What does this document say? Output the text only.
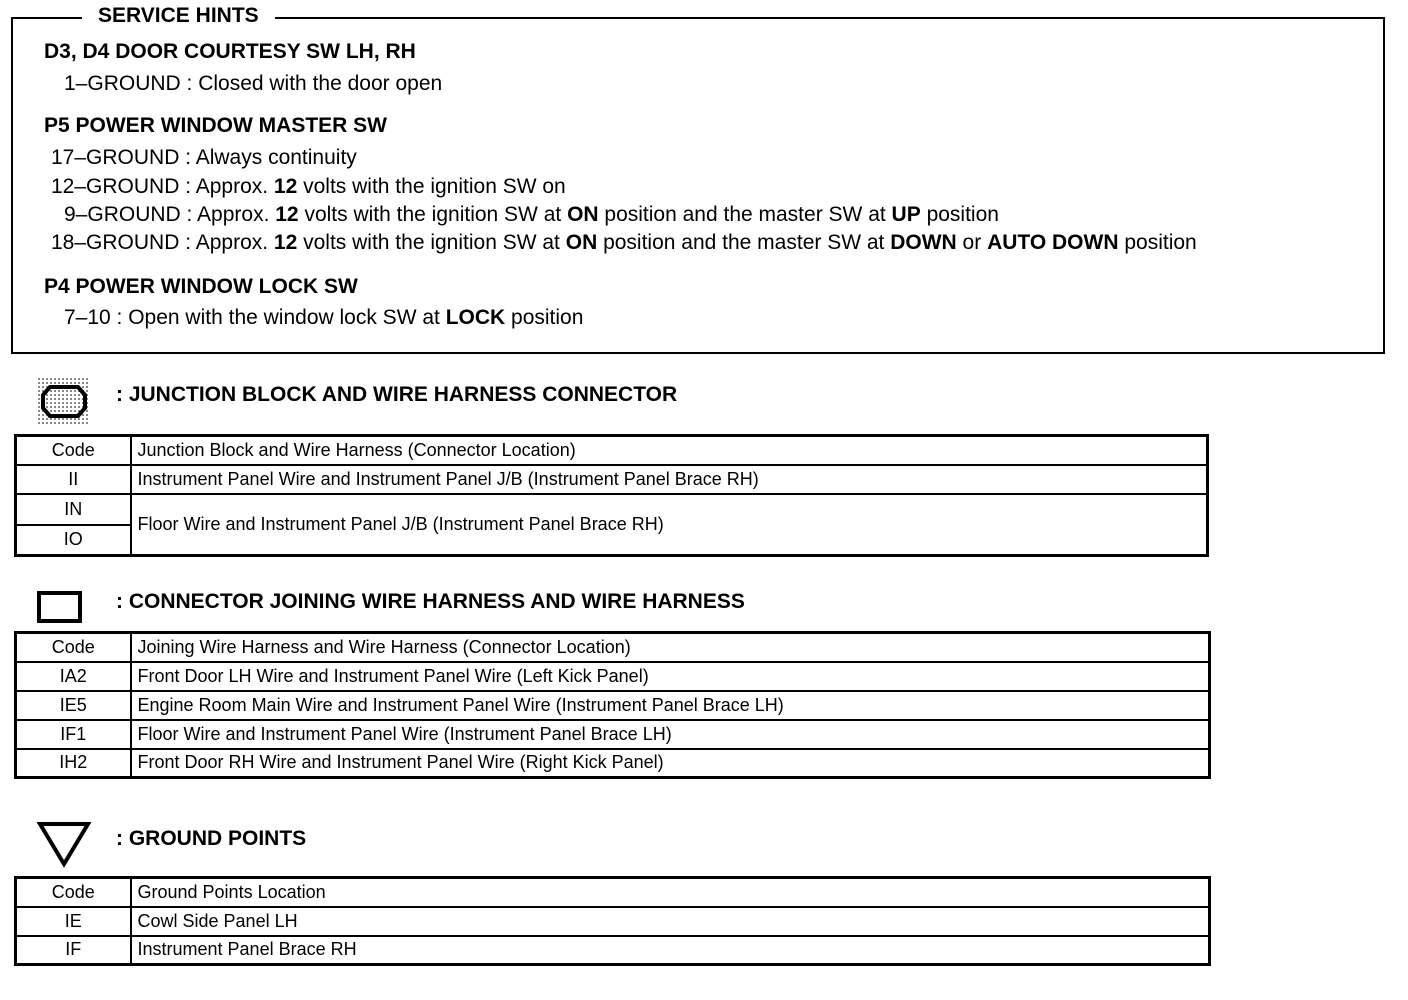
SERVICE HINTS
D3, D4 DOOR COURTESY SW LH, RH
1–GROUND : Closed with the door open
P5 POWER WINDOW MASTER SW
17–GROUND : Always continuity
12–GROUND : Approx. 12 volts with the ignition SW on
9–GROUND : Approx. 12 volts with the ignition SW at ON position and the master SW at UP position
18–GROUND : Approx. 12 volts with the ignition SW at ON position and the master SW at DOWN or AUTO DOWN position
P4 POWER WINDOW LOCK SW
7–10 : Open with the window lock SW at LOCK position
: JUNCTION BLOCK AND WIRE HARNESS CONNECTOR
Code	Junction Block and Wire Harness (Connector Location)
II	Instrument Panel Wire and Instrument Panel J/B (Instrument Panel Brace RH)
IN	Floor Wire and Instrument Panel J/B (Instrument Panel Brace RH)
IO	
: CONNECTOR JOINING WIRE HARNESS AND WIRE HARNESS
Code	Joining Wire Harness and Wire Harness (Connector Location)
IA2	Front Door LH Wire and Instrument Panel Wire (Left Kick Panel)
IE5	Engine Room Main Wire and Instrument Panel Wire (Instrument Panel Brace LH)
IF1	Floor Wire and Instrument Panel Wire (Instrument Panel Brace LH)
IH2	Front Door RH Wire and Instrument Panel Wire (Right Kick Panel)
: GROUND POINTS
Code	Ground Points Location
IE	Cowl Side Panel LH
IF	Instrument Panel Brace RH
